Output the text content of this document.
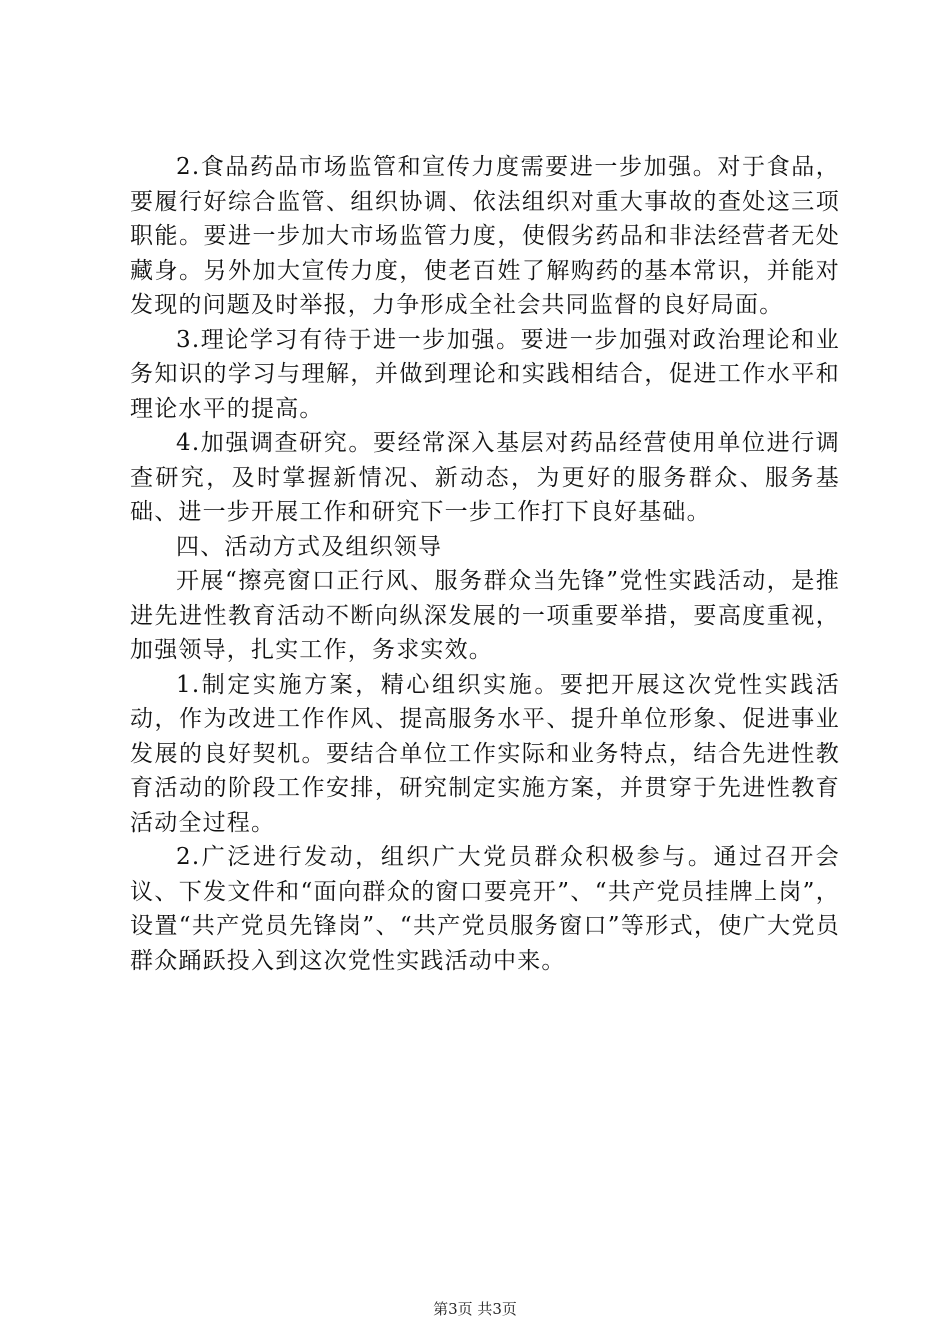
2.食品药品市场监管和宣传力度需要进一步加强。对于食品，要履行好综合监管、组织协调、依法组织对重大事故的查处这三项职能。要进一步加大市场监管力度，使假劣药品和非法经营者无处藏身。另外加大宣传力度，使老百姓了解购药的基本常识，并能对发现的问题及时举报，力争形成全社会共同监督的良好局面。

3.理论学习有待于进一步加强。要进一步加强对政治理论和业务知识的学习与理解，并做到理论和实践相结合，促进工作水平和理论水平的提高。

4.加强调查研究。要经常深入基层对药品经营使用单位进行调查研究，及时掌握新情况、新动态，为更好的服务群众、服务基础、进一步开展工作和研究下一步工作打下良好基础。

四、活动方式及组织领导

开展“擦亮窗口正行风、服务群众当先锋”党性实践活动，是推进先进性教育活动不断向纵深发展的一项重要举措，要高度重视，加强领导，扎实工作，务求实效。

1.制定实施方案，精心组织实施。要把开展这次党性实践活动，作为改进工作作风、提高服务水平、提升单位形象、促进事业发展的良好契机。要结合单位工作实际和业务特点，结合先进性教育活动的阶段工作安排，研究制定实施方案，并贯穿于先进性教育活动全过程。

2.广泛进行发动，组织广大党员群众积极参与。通过召开会议、下发文件和“面向群众的窗口要亮开”、“共产党员挂牌上岗”，设置“共产党员先锋岗”、“共产党员服务窗口”等形式，使广大党员群众踊跃投入到这次党性实践活动中来。

第3页 共3页
